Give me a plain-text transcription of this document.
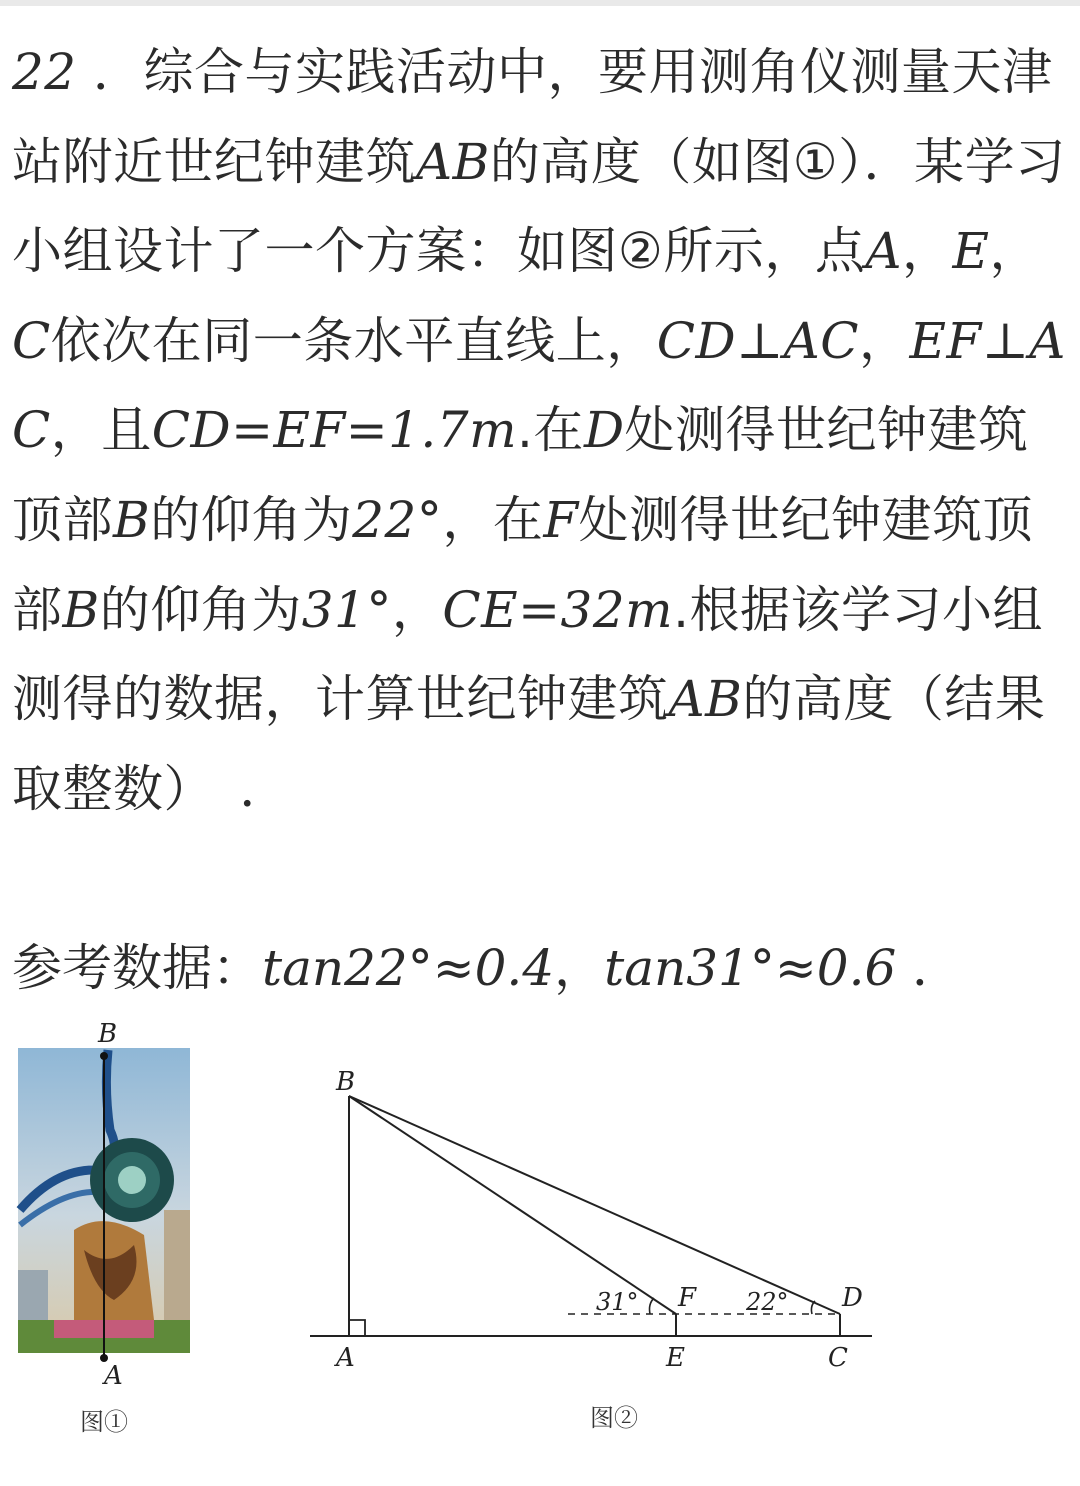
22 ．综合与实践活动中，要用测角仪测量天津站附近世纪钟建筑AB的高度（如图①）．某学习小组设计了一个方案：如图②所示，点A，E，C依次在同一条水平直线上，CD⊥AC，EF⊥AC，且CD=EF=1.7m.在D处测得世纪钟建筑顶部B的仰角为22°，在F处测得世纪钟建筑顶部B的仰角为31°，CE=32m.根据该学习小组测得的数据，计算世纪钟建筑AB的高度（结果取整数）　．

参考数据：tan22°≈0.4，tan31°≈0.6 ．

B
A
图①
B
A	E	C
F	D
31°	22°
图②
